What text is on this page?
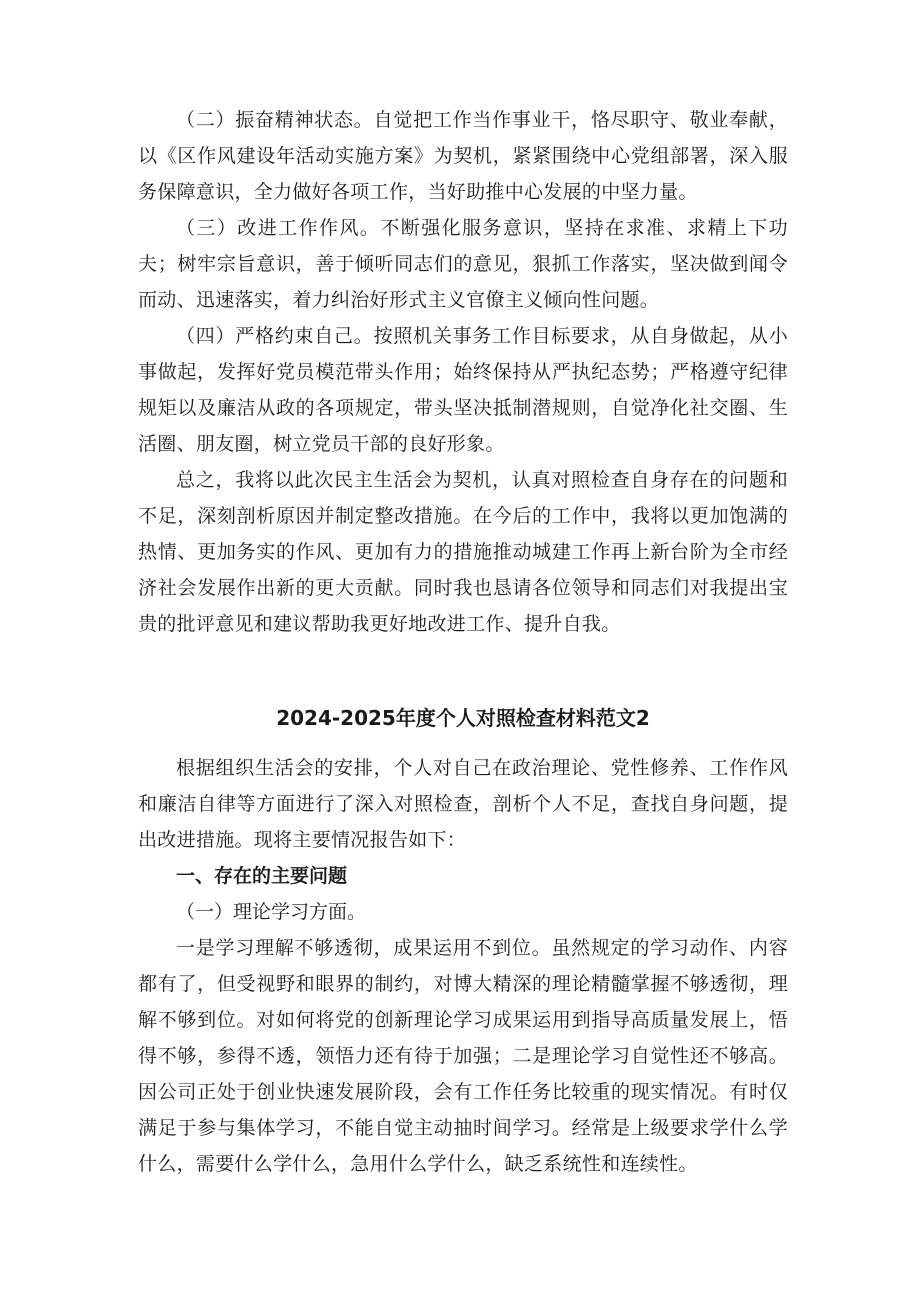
（二）振奋精神状态。自觉把工作当作事业干，恪尽职守、敬业奉献，以《区作风建设年活动实施方案》为契机，紧紧围绕中心党组部署，深入服务保障意识，全力做好各项工作，当好助推中心发展的中坚力量。

（三）改进工作作风。不断强化服务意识，坚持在求准、求精上下功夫；树牢宗旨意识，善于倾听同志们的意见，狠抓工作落实，坚决做到闻令而动、迅速落实，着力纠治好形式主义官僚主义倾向性问题。

（四）严格约束自己。按照机关事务工作目标要求，从自身做起，从小事做起，发挥好党员模范带头作用；始终保持从严执纪态势；严格遵守纪律规矩以及廉洁从政的各项规定，带头坚决抵制潜规则，自觉净化社交圈、生活圈、朋友圈，树立党员干部的良好形象。

总之，我将以此次民主生活会为契机，认真对照检查自身存在的问题和不足，深刻剖析原因并制定整改措施。在今后的工作中，我将以更加饱满的热情、更加务实的作风、更加有力的措施推动城建工作再上新台阶为全市经济社会发展作出新的更大贡献。同时我也恳请各位领导和同志们对我提出宝贵的批评意见和建议帮助我更好地改进工作、提升自我。

2024-2025年度个人对照检查材料范文2

根据组织生活会的安排，个人对自己在政治理论、党性修养、工作作风和廉洁自律等方面进行了深入对照检查，剖析个人不足，查找自身问题，提出改进措施。现将主要情况报告如下：

一、存在的主要问题

（一）理论学习方面。

一是学习理解不够透彻，成果运用不到位。虽然规定的学习动作、内容都有了，但受视野和眼界的制约，对博大精深的理论精髓掌握不够透彻，理解不够到位。对如何将党的创新理论学习成果运用到指导高质量发展上，悟得不够，参得不透，领悟力还有待于加强；二是理论学习自觉性还不够高。因公司正处于创业快速发展阶段，会有工作任务比较重的现实情况。有时仅满足于参与集体学习，不能自觉主动抽时间学习。经常是上级要求学什么学什么，需要什么学什么，急用什么学什么，缺乏系统性和连续性。
